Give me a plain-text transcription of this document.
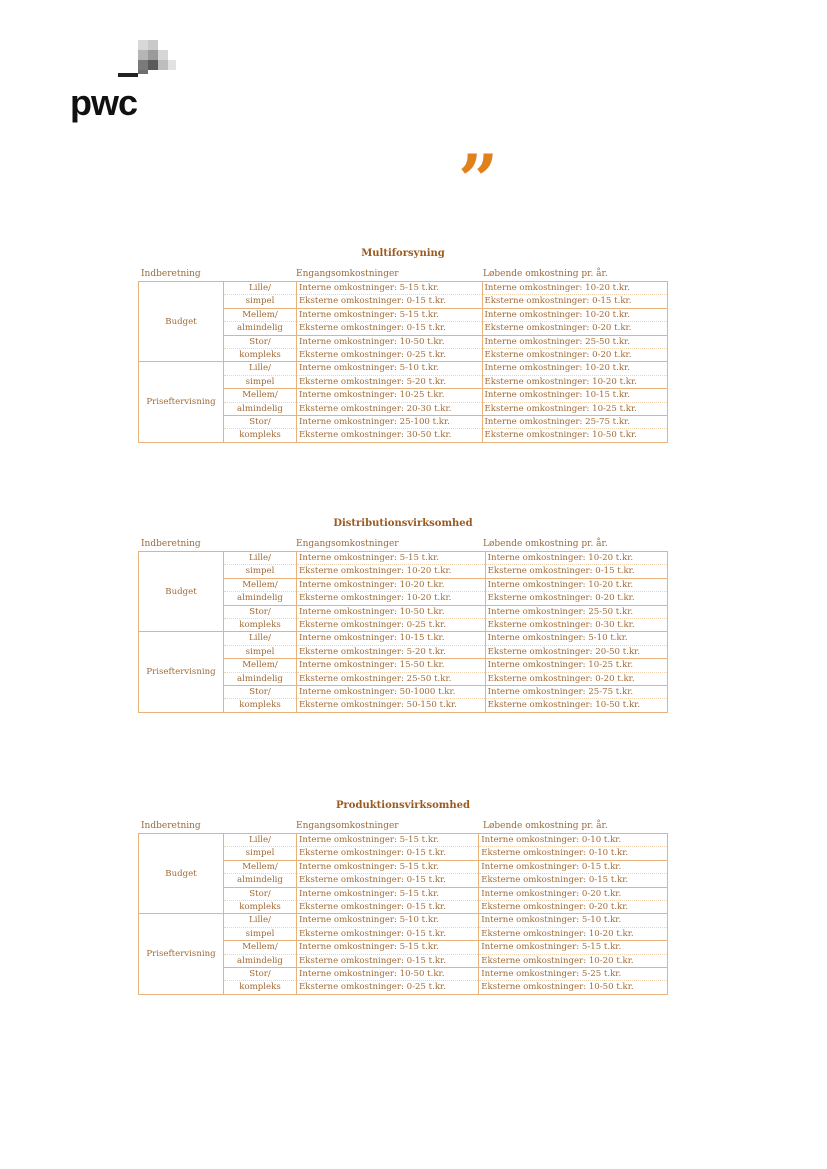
pwc
”
Multiforsyning
Indberetning	Engangsomkostninger	Løbende omkostning pr. år.
Budget	Lille/	Interne omkostninger: 5-15 t.kr.	Interne omkostninger: 10-20 t.kr.
	simpel	Eksterne omkostninger: 0-15 t.kr.	Eksterne omkostninger: 0-15 t.kr.
	Mellem/	Interne omkostninger: 5-15 t.kr.	Interne omkostninger: 10-20 t.kr.
	almindelig	Eksterne omkostninger: 0-15 t.kr.	Eksterne omkostninger: 0-20 t.kr.
	Stor/	Interne omkostninger: 10-50 t.kr.	Interne omkostninger: 25-50 t.kr.
	kompleks	Eksterne omkostninger: 0-25 t.kr.	Eksterne omkostninger: 0-20 t.kr.
Priseftervisning	Lille/	Interne omkostninger: 5-10 t.kr.	Interne omkostninger: 10-20 t.kr.
	simpel	Eksterne omkostninger: 5-20 t.kr.	Eksterne omkostninger: 10-20 t.kr.
	Mellem/	Interne omkostninger: 10-25 t.kr.	Interne omkostninger: 10-15 t.kr.
	almindelig	Eksterne omkostninger: 20-30 t.kr.	Eksterne omkostninger: 10-25 t.kr.
	Stor/	Interne omkostninger: 25-100 t.kr.	Interne omkostninger: 25-75 t.kr.
	kompleks	Eksterne omkostninger: 30-50 t.kr.	Eksterne omkostninger: 10-50 t.kr.
Distributionsvirksomhed
Indberetning	Engangsomkostninger	Løbende omkostning pr. år.
Budget	Lille/	Interne omkostninger: 5-15 t.kr.	Interne omkostninger: 10-20 t.kr.
	simpel	Eksterne omkostninger: 10-20 t.kr.	Eksterne omkostninger: 0-15 t.kr.
	Mellem/	Interne omkostninger: 10-20 t.kr.	Interne omkostninger: 10-20 t.kr.
	almindelig	Eksterne omkostninger: 10-20 t.kr.	Eksterne omkostninger: 0-20 t.kr.
	Stor/	Interne omkostninger: 10-50 t.kr.	Interne omkostninger: 25-50 t.kr.
	kompleks	Eksterne omkostninger: 0-25 t.kr.	Eksterne omkostninger: 0-30 t.kr.
Priseftervisning	Lille/	Interne omkostninger: 10-15 t.kr.	Interne omkostninger: 5-10 t.kr.
	simpel	Eksterne omkostninger: 5-20 t.kr.	Eksterne omkostninger: 20-50 t.kr.
	Mellem/	Interne omkostninger: 15-50 t.kr.	Interne omkostninger: 10-25 t.kr.
	almindelig	Eksterne omkostninger: 25-50 t.kr.	Eksterne omkostninger: 0-20 t.kr.
	Stor/	Interne omkostninger: 50-1000 t.kr.	Interne omkostninger: 25-75 t.kr.
	kompleks	Eksterne omkostninger: 50-150 t.kr.	Eksterne omkostninger: 10-50 t.kr.
Produktionsvirksomhed
Indberetning	Engangsomkostninger	Løbende omkostning pr. år.
Budget	Lille/	Interne omkostninger: 5-15 t.kr.	Interne omkostninger: 0-10 t.kr.
	simpel	Eksterne omkostninger: 0-15 t.kr.	Eksterne omkostninger: 0-10 t.kr.
	Mellem/	Interne omkostninger: 5-15 t.kr.	Interne omkostninger: 0-15 t.kr.
	almindelig	Eksterne omkostninger: 0-15 t.kr.	Eksterne omkostninger: 0-15 t.kr.
	Stor/	Interne omkostninger: 5-15 t.kr.	Interne omkostninger: 0-20 t.kr.
	kompleks	Eksterne omkostninger: 0-15 t.kr.	Eksterne omkostninger: 0-20 t.kr.
Priseftervisning	Lille/	Interne omkostninger: 5-10 t.kr.	Interne omkostninger: 5-10 t.kr.
	simpel	Eksterne omkostninger: 0-15 t.kr.	Eksterne omkostninger: 10-20 t.kr.
	Mellem/	Interne omkostninger: 5-15 t.kr.	Interne omkostninger: 5-15 t.kr.
	almindelig	Eksterne omkostninger: 0-15 t.kr.	Eksterne omkostninger: 10-20 t.kr.
	Stor/	Interne omkostninger: 10-50 t.kr.	Interne omkostninger: 5-25 t.kr.
	kompleks	Eksterne omkostninger: 0-25 t.kr.	Eksterne omkostninger: 10-50 t.kr.
